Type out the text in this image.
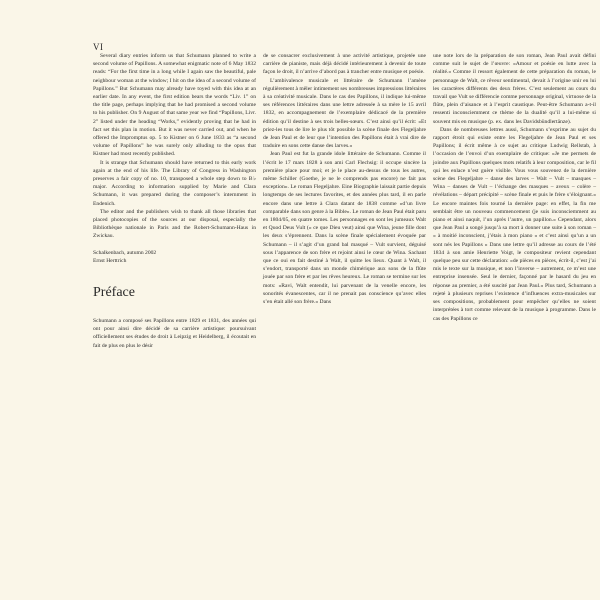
VI

Several diary entries inform us that Schumann planned to write a second volume of Papillons. A somewhat enigmatic note of 6 May 1832 reads: “For the first time in a long while I again saw the beautiful, pale neighbour woman at the window; I hit on the idea of a second volume of Papillons.” But Schumann may already have toyed with this idea at an earlier date. In any event, the first edition bears the words “Liv. 1” on the title page, perhaps implying that he had promised a second volume to his publisher. On 9 August of that same year we find “Papillons, Livr. 2” listed under the heading “Works,” evidently proving that he had in fact set this plan in motion. But it was never carried out, and when he offered the Impromptus op. 5 to Kistner on 6 June 1833 as “a second volume of Papillons” he was surely only alluding to the opus that Kistner had most recently published.

It is strange that Schumann should have returned to this early work again at the end of his life. The Library of Congress in Washington preserves a fair copy of no. 10, transposed a whole step down to B♭ major. According to information supplied by Marie and Clara Schumann, it was prepared during the composer’s internment in Endenich.

The editor and the publishers wish to thank all those libraries that placed photocopies of the sources at our disposal, especially the Bibliothèque nationale in Paris and the Robert-Schumann-Haus in Zwickau.

Schalkenbach, autumn 2002
Ernst Herttrich
Préface

Schumann a composé ses Papillons entre 1829 et 1831, des années qui ont pour ainsi dire décidé de sa carrière artistique: poursuivant officiellement ses études de droit à Leipzig et Heidelberg, il écoutait en fait de plus en plus le désir

de se consacrer exclusivement à une activité artistique, projetée une carrière de pianiste, mais déjà décidé intérieurement à devenir de toute façon le droit, il n’arrive d’abord pas à trancher entre musique et poésie.

L’ambivalence musicale et littéraire de Schumann l’amène régulièrement à mêler intimement ses nombreuses impressions littéraires à sa créativité musicale. Dans le cas des Papillons, il indique lui-même ses références littéraires dans une lettre adressée à sa mère le 15 avril 1832, en accompagnement de l’exemplaire dédicacé de la première édition qu’il destine à ses trois belles-sœurs. C’est ainsi qu’il écrit: «Et priez-les tous de lire le plus tôt possible la scène finale des Flegeljahre de Jean Paul et de leur que l’intention des Papillons était à vrai dire de traduire en sons cette danse des larves.»

Jean Paul est fut la grande idole littéraire de Schumann. Comme il l’écrit le 17 mars 1828 à son ami Carl Flechsig: il occupe sincère la première place pour moi; et je le place au-dessus de tous les autres, même Schiller (Goethe, je ne le comprends pas encore) ne fait pas exception». Le roman Flegeljahre. Eine Biographie laissait partie depuis longtemps de ses lectures favorites, et des années plus tard, il en parle encore dans une lettre à Clara datant de 1838 comme «d’un livre comparable dans son genre à la Bible». Le roman de Jean Paul était paru en 1804/05, en quatre tomes. Les personnages en sont les jumeaux Walt et Quod Deus Vult (« ce que Dieu veut) ainsi que Wina, jeune fille dont les deux s’éprennent. Dans la scène finale spécialement évoquée par Schumann – il s’agit d’un grand bal masqué – Vult survient, déguisé sous l’apparence de son frère et rejoint ainsi le cœur de Wina. Sachant que ce oui en fait destiné à Walt, il quitte les lieux. Quant à Walt, il s’endort, transporté dans un monde chimérique aux sons de la flûte jouée par son frère et par les rêves heureux. Le roman se termine sur les mots: «Ravi, Walt entendit, lui parvenant de la venelle encore, les sonorités évanescentes, car il ne prenait pas conscience qu’avec elles s’en était allé son frère.» Dans

une note lors de la préparation de son roman, Jean Paul avait défini comme suit le sujet de l’œuvre: «Amour et poésie en lutte avec la réalité.» Comme il ressort également de cette préparation du roman, le personnage de Walt, ce rêveur sentimental, devait à l’origine unir en lui les caractères différents des deux frères. C’est seulement au cours du travail que Vult se différencie comme personnage original, virtuose de la flûte, plein d’aisance et à l’esprit caustique. Peut-être Schumann a-t-il ressenti inconsciemment ce thème de la dualité qu’il a lui-même si souvent mis en musique (p. ex. dans les Davidsbündlertänze).

Dans de nombreuses lettres aussi, Schumann s’exprime au sujet du rapport étroit qui existe entre les Flegeljahre de Jean Paul et ses Papillons; il écrit même à ce sujet au critique Ludwig Rellstab, à l’occasion de l’envoi d’un exemplaire de critique: «Je me permets de joindre aux Papillons quelques mots relatifs à leur composition, car le fil qui les enlace n’est guère visible. Vous vous souvenez de la dernière scène des Flegeljahre – danse des larves – Walt – Vult – masques – Wina – danses de Vult – l’échange des masques – aveux – colère – révélations – départ précipité – scène finale et puis le frère s’éloignant.» Le encore maintes fois tourné la dernière page: en effet, la fin me semblait être un nouveau commencement (je suis inconsciemment au piano et ainsi naquit, l’un après l’autre, un papillon.» Cependant, alors que Jean Paul a songé jusqu’à sa mort à donner une suite à son roman – « à moitié inconscient, j’étais à mon piano » et c’est ainsi qu’un a un sont nés les Papillons » Dans une lettre qu’il adresse au cours de l’été 1834 à son amie Henriette Voigt, le compositeur revient cependant quelque peu sur cette déclaration: «de pièces en pièces, écrit-il, c’est j’ai mis le texte sur la musique, et non l’inverse – autrement, ce m’est une entreprise insensée. Seul le dernier, façonné par le hasard du jeu en réponse au premier, a été suscité par Jean Paul.» Plus tard, Schumann a rejeté à plusieurs reprises l’existence d’influences extra-musicales sur ses compositions, probablement pour empêcher qu’elles ne soient interprétées à tort comme relevant de la musique à programme. Dans le cas des Papillons ce
